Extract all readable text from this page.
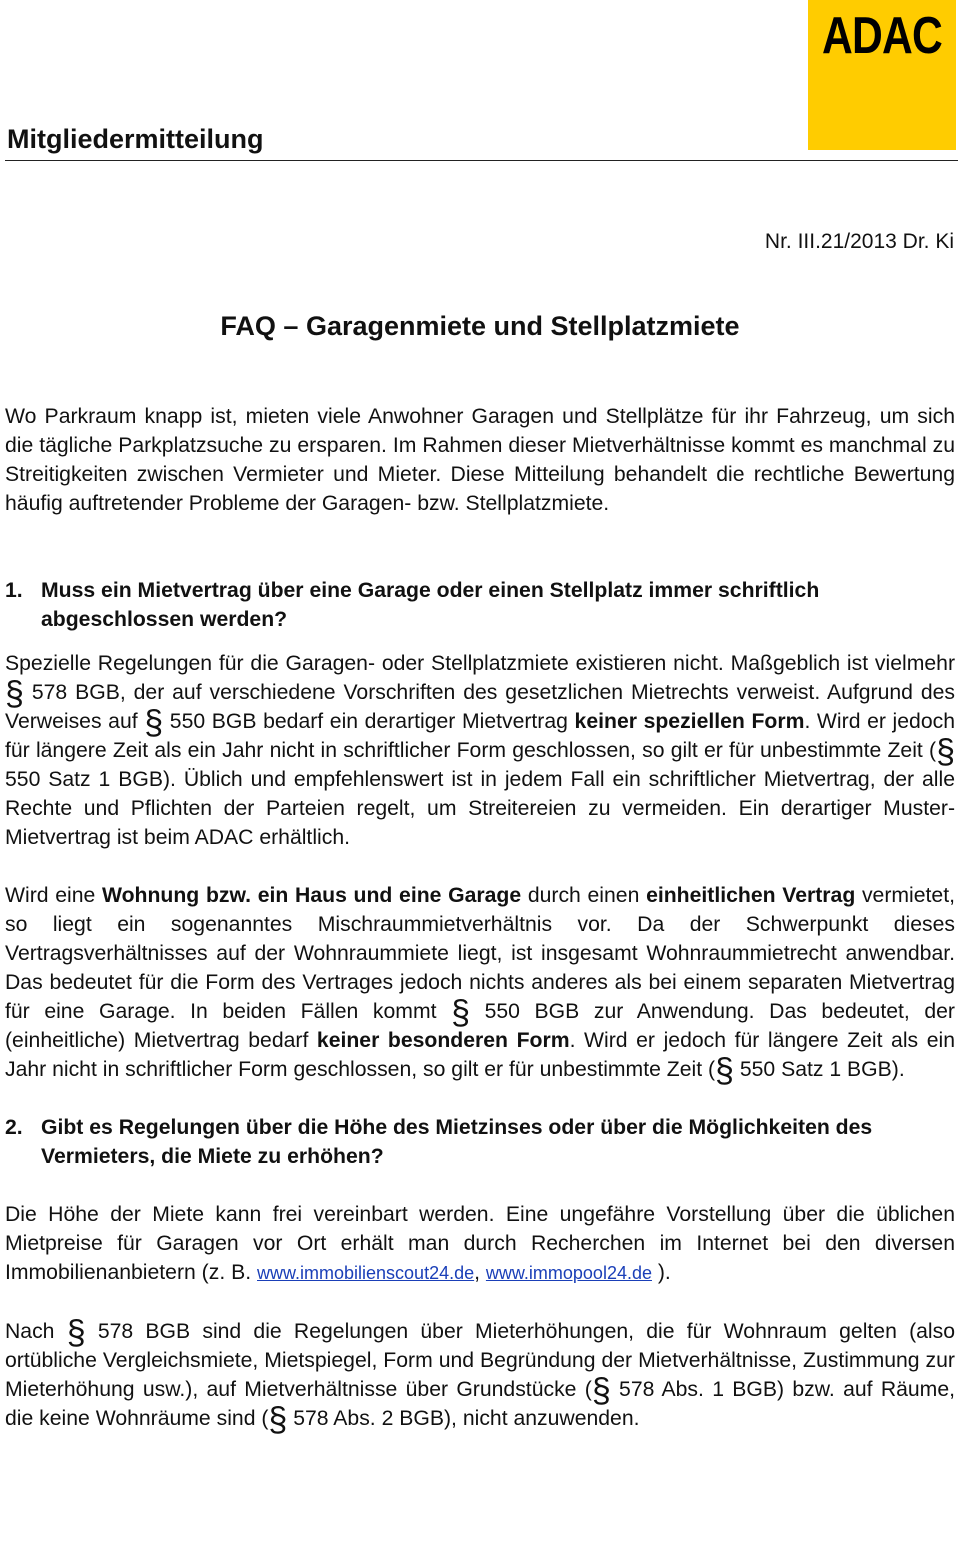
ADAC
Mitgliedermitteilung
Nr. III.21/2013 Dr. Ki
FAQ – Garagenmiete und Stellplatzmiete

Wo Parkraum knapp ist, mieten viele Anwohner Garagen und Stellplätze für ihr Fahrzeug, um sich die tägliche Parkplatzsuche zu ersparen. Im Rahmen dieser Mietverhältnisse kommt es manchmal zu Streitigkeiten zwischen Vermieter und Mieter. Diese Mitteilung behandelt die rechtliche Bewertung häufig auftretender Probleme der Garagen- bzw. Stellplatzmiete.

1. Muss ein Mietvertrag über eine Garage oder einen Stellplatz immer schriftlich abgeschlossen werden?

Spezielle Regelungen für die Garagen- oder Stellplatzmiete existieren nicht. Maßgeblich ist vielmehr § 578 BGB, der auf verschiedene Vorschriften des gesetzlichen Mietrechts verweist. Aufgrund des Verweises auf § 550 BGB bedarf ein derartiger Mietvertrag keiner speziellen Form. Wird er jedoch für längere Zeit als ein Jahr nicht in schriftlicher Form geschlossen, so gilt er für unbestimmte Zeit (§ 550 Satz 1 BGB). Üblich und empfehlenswert ist in jedem Fall ein schriftlicher Mietvertrag, der alle Rechte und Pflichten der Parteien regelt, um Streitereien zu vermeiden. Ein derartiger Muster-Mietvertrag ist beim ADAC erhältlich.

Wird eine Wohnung bzw. ein Haus und eine Garage durch einen einheitlichen Vertrag vermietet, so liegt ein sogenanntes Mischraummietverhältnis vor. Da der Schwerpunkt dieses Vertragsverhältnisses auf der Wohnraummiete liegt, ist insgesamt Wohnraummietrecht anwendbar. Das bedeutet für die Form des Vertrages jedoch nichts anderes als bei einem separaten Mietvertrag für eine Garage. In beiden Fällen kommt § 550 BGB zur Anwendung. Das bedeutet, der (einheitliche) Mietvertrag bedarf keiner besonderen Form. Wird er jedoch für längere Zeit als ein Jahr nicht in schriftlicher Form geschlossen, so gilt er für unbestimmte Zeit (§ 550 Satz 1 BGB).

2. Gibt es Regelungen über die Höhe des Mietzinses oder über die Möglichkeiten des Vermieters, die Miete zu erhöhen?

Die Höhe der Miete kann frei vereinbart werden. Eine ungefähre Vorstellung über die üblichen Mietpreise für Garagen vor Ort erhält man durch Recherchen im Internet bei den diversen Immobilienanbietern (z. B. www.immobilienscout24.de, www.immopool24.de ).

Nach § 578 BGB sind die Regelungen über Mieterhöhungen, die für Wohnraum gelten (also ortübliche Vergleichsmiete, Mietspiegel, Form und Begründung der Mietverhältnisse, Zustimmung zur Mieterhöhung usw.), auf Mietverhältnisse über Grundstücke (§ 578 Abs. 1 BGB) bzw. auf Räume, die keine Wohnräume sind (§ 578 Abs. 2 BGB), nicht anzuwenden.
